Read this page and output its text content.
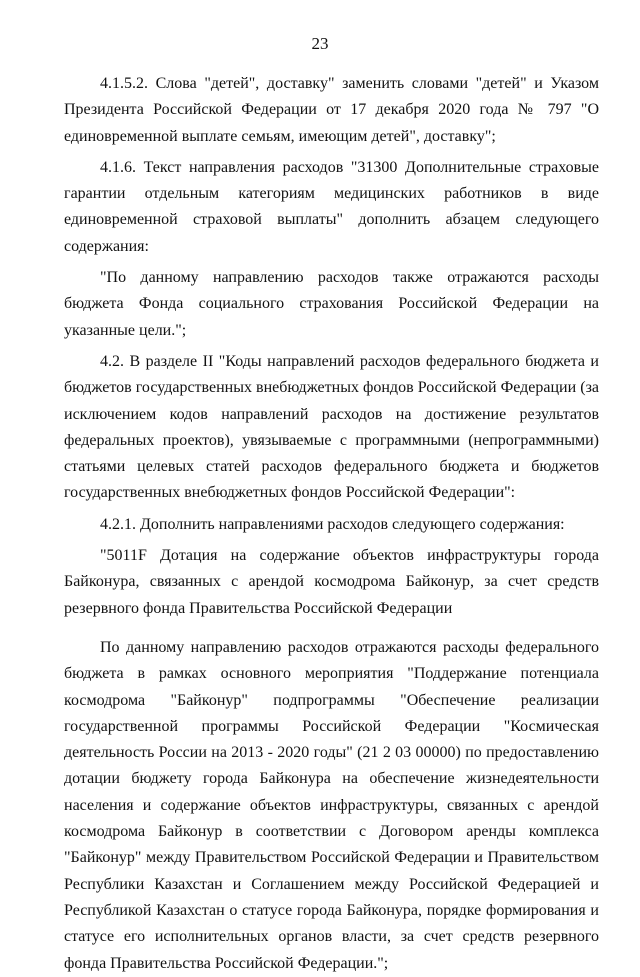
23

4.1.5.2. Слова "детей", доставку" заменить словами "детей" и Указом Президента Российской Федерации от 17 декабря 2020 года № 797 "О единовременной выплате семьям, имеющим детей", доставку";

4.1.6. Текст направления расходов "31300 Дополнительные страховые гарантии отдельным категориям медицинских работников в виде единовременной страховой выплаты" дополнить абзацем следующего содержания:

"По данному направлению расходов также отражаются расходы бюджета Фонда социального страхования Российской Федерации на указанные цели.";

4.2. В разделе II "Коды направлений расходов федерального бюджета и бюджетов государственных внебюджетных фондов Российской Федерации (за исключением кодов направлений расходов на достижение результатов федеральных проектов), увязываемые с программными (непрограммными) статьями целевых статей расходов федерального бюджета и бюджетов государственных внебюджетных фондов Российской Федерации":

4.2.1. Дополнить направлениями расходов следующего содержания:

"5011F Дотация на содержание объектов инфраструктуры города Байконура, связанных с арендой космодрома Байконур, за счет средств резервного фонда Правительства Российской Федерации

По данному направлению расходов отражаются расходы федерального бюджета в рамках основного мероприятия "Поддержание потенциала космодрома "Байконур" подпрограммы "Обеспечение реализации государственной программы Российской Федерации "Космическая деятельность России на 2013 - 2020 годы" (21 2 03 00000) по предоставлению дотации бюджету города Байконура на обеспечение жизнедеятельности населения и содержание объектов инфраструктуры, связанных с арендой космодрома Байконур в соответствии с Договором аренды комплекса "Байконур" между Правительством Российской Федерации и Правительством Республики Казахстан и Соглашением между Российской Федерацией и Республикой Казахстан о статусе города Байконура, порядке формирования и статусе его исполнительных органов власти, за счет средств резервного фонда Правительства Российской Федерации.";
